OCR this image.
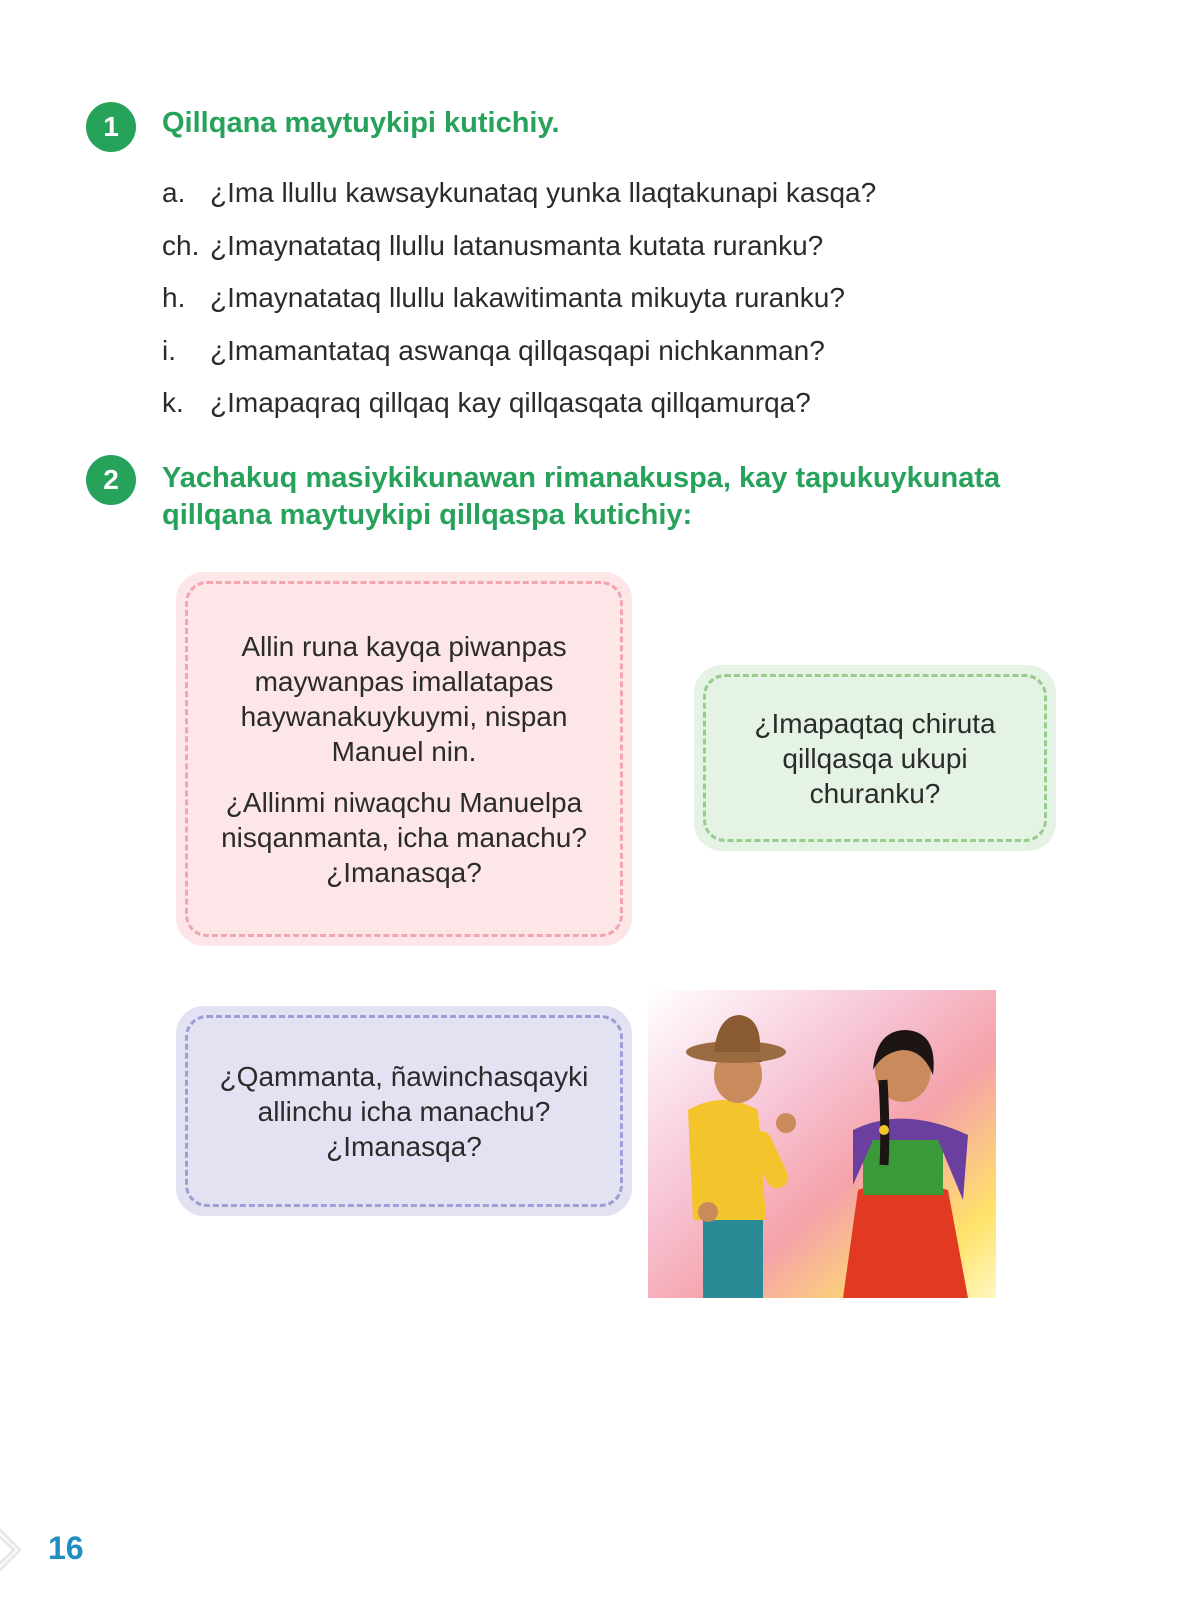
1 Qillqana maytuykipi kutichiy.
a. ¿Ima llullu kawsaykunataq yunka llaqtakunapi kasqa?
ch. ¿Imaynatataq llullu latanusmanta kutata ruranku?
h. ¿Imaynatataq llullu lakawitimanta mikuyta ruranku?
i.	¿Imamantataq aswanqa qillqasqapi nichkanman?
k. ¿Imapaqraq qillqaq kay qillqasqata qillqamurqa?
2 Yachakuq masiykikunawan rimanakuspa, kay tapukuykunata
qillqana maytuykipi qillqaspa kutichiy:

Allin runa kayqa piwanpas maywanpas imallatapas haywanakuykuymi, nispan Manuel nin.

¿Allinmi niwaqchu Manuelpa nisqanmanta, icha manachu? ¿Imanasqa?

¿Imapaqtaq chiruta qillqasqa ukupi churanku?

¿Qammanta, ñawinchasqayki allinchu icha manachu? ¿Imanasqa?

16
